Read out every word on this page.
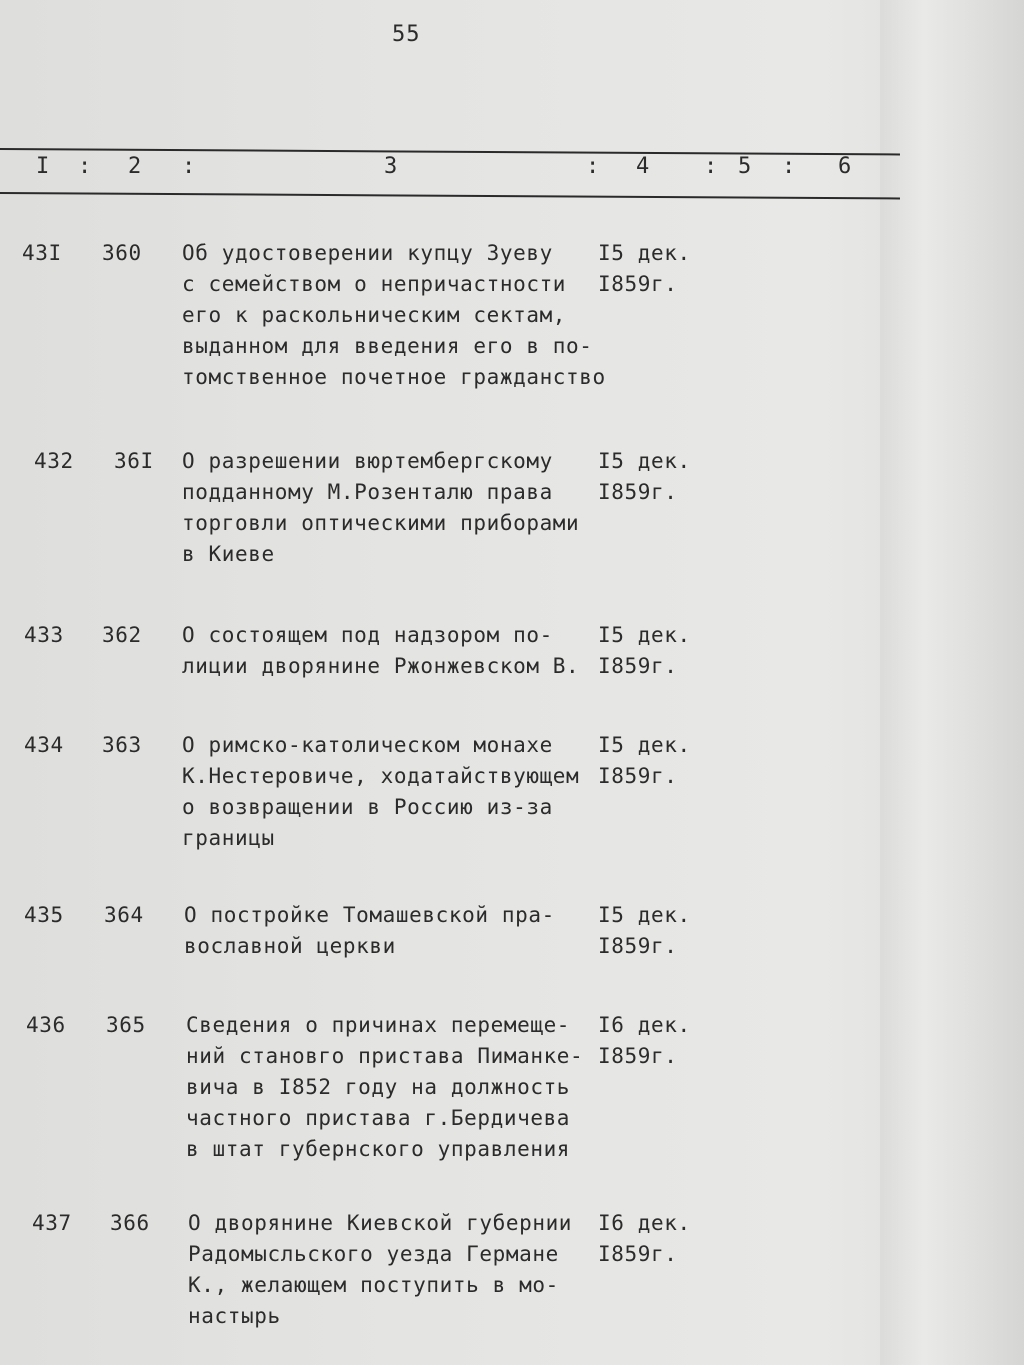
55
I : 2 :	3	: 4 : 5 : 6
43I 360 Об удостоверении купцу Зуеву
с семейством о непричастности
его к раскольническим сектам,
выданном для введения его в по-
томственное почетное гражданство
I5 дек.
I859г.
432 36I О разрешении вюртембергскому
подданному М.Розенталю права
торговли оптическими приборами
в Киеве
I5 дек.
I859г.
433 362 О состоящем под надзором по-
лиции дворянине Ржонжевском В.
I5 дек.
I859г.
434 363 О римско-католическом монахе
К.Нестеровиче, ходатайствующем
о возвращении в Россию из-за
границы
I5 дек.
I859г.
435 364 О постройке Томашевской пра-
вославной церкви
I5 дек.
I859г.
436 365 Сведения о причинах перемеще-
ний становго пристава Пиманке-
вича в I852 году на должность
частного пристава г.Бердичева
в штат губернского управления
I6 дек.
I859г.
437 366 О дворянине Киевской губернии
Радомысльского уезда Германе
К., желающем поступить в мо-
настырь
I6 дек.
I859г.
